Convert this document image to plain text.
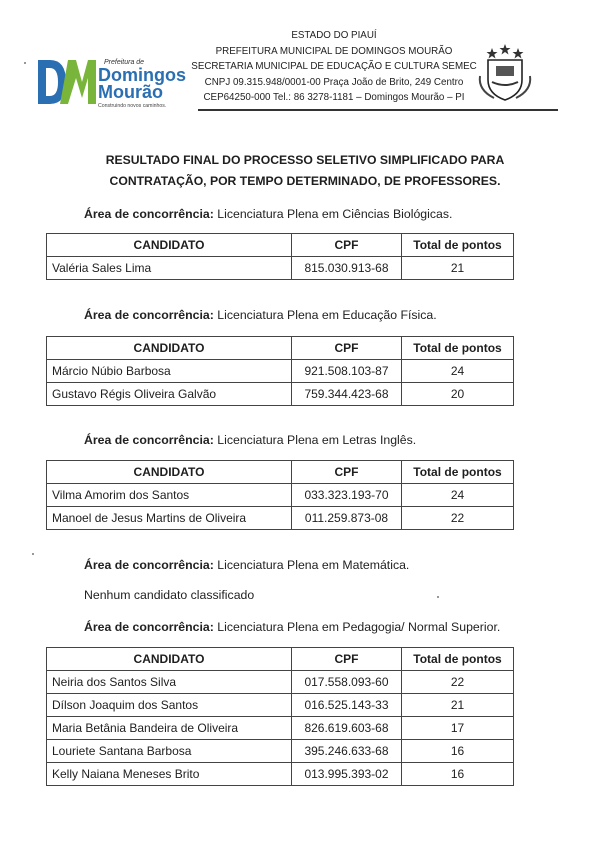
Prefeitura de
Domingos
Mourão
Construindo novos caminhos.
ESTADO DO PIAUÍ
PREFEITURA MUNICIPAL DE DOMINGOS MOURÃO
SECRETARIA MUNICIPAL DE EDUCAÇÃO E CULTURA SEMEC
CNPJ 09.315.948/0001-00 Praça João de Brito, 249 Centro
CEP64250-000 Tel.: 86 3278-1181 – Domingos Mourão – PI
RESULTADO FINAL DO PROCESSO SELETIVO SIMPLIFICADO PARA
CONTRATAÇÃO, POR TEMPO DETERMINADO, DE PROFESSORES.
Área de concorrência: Licenciatura Plena em Ciências Biológicas.
CANDIDATO	CPF	Total de pontos
Valéria Sales Lima	815.030.913-68	21
Área de concorrência: Licenciatura Plena em Educação Física.
CANDIDATO	CPF	Total de pontos
Márcio Núbio Barbosa	921.508.103-87	24
Gustavo Régis Oliveira Galvão	759.344.423-68	20
Área de concorrência: Licenciatura Plena em Letras Inglês.
CANDIDATO	CPF	Total de pontos
Vilma Amorim dos Santos	033.323.193-70	24
Manoel de Jesus Martins de Oliveira	011.259.873-08	22
Área de concorrência: Licenciatura Plena em Matemática.
Nenhum candidato classificado
Área de concorrência: Licenciatura Plena em Pedagogia/ Normal Superior.
CANDIDATO	CPF	Total de pontos
Neiria dos Santos Silva	017.558.093-60	22
Dílson Joaquim dos Santos	016.525.143-33	21
Maria Betânia Bandeira de Oliveira	826.619.603-68	17
Louriete Santana Barbosa	395.246.633-68	16
Kelly Naiana Meneses Brito	013.995.393-02	16
